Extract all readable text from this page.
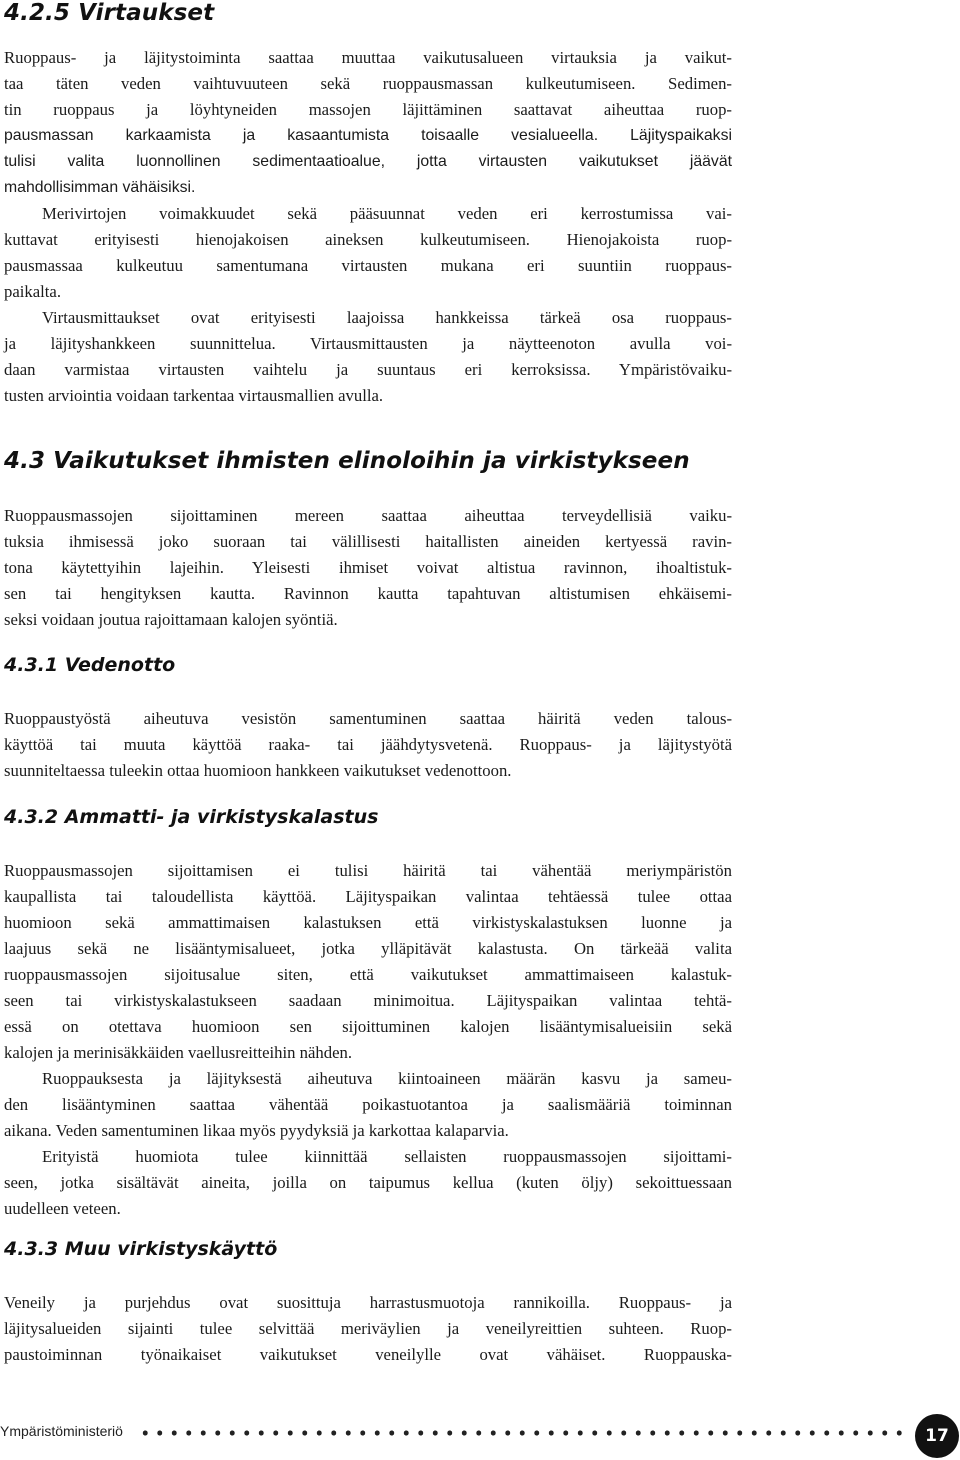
4.2.5 Virtaukset
Ruoppaus- ja läjitystoiminta saattaa muuttaa vaikutusalueen virtauksia ja vaikut-
taa täten veden vaihtuvuuteen sekä ruoppausmassan kulkeutumiseen. Sedimen-
tin ruoppaus ja löyhtyneiden massojen läjittäminen saattavat aiheuttaa ruop-
pausmassan karkaamista ja kasaantumista toisaalle vesialueella. Läjityspaikaksi
tulisi valita luonnollinen sedimentaatioalue, jotta virtausten vaikutukset jäävät
mahdollisimman vähäisiksi.
Merivirtojen voimakkuudet sekä pääsuunnat veden eri kerrostumissa vai-
kuttavat erityisesti hienojakoisen aineksen kulkeutumiseen. Hienojakoista ruop-
pausmassaa kulkeutuu samentumana virtausten mukana eri suuntiin ruoppaus-
paikalta.
Virtausmittaukset ovat erityisesti laajoissa hankkeissa tärkeä osa ruoppaus-
ja läjityshankkeen suunnittelua. Virtausmittausten ja näytteenoton avulla voi-
daan varmistaa virtausten vaihtelu ja suuntaus eri kerroksissa. Ympäristövaiku-
tusten arviointia voidaan tarkentaa virtausmallien avulla.
4.3 Vaikutukset ihmisten elinoloihin ja virkistykseen
Ruoppausmassojen sijoittaminen mereen saattaa aiheuttaa terveydellisiä vaiku-
tuksia ihmisessä joko suoraan tai välillisesti haitallisten aineiden kertyessä ravin-
tona käytettyihin lajeihin. Yleisesti ihmiset voivat altistua ravinnon, ihoaltistuk-
sen tai hengityksen kautta. Ravinnon kautta tapahtuvan altistumisen ehkäisemi-
seksi voidaan joutua rajoittamaan kalojen syöntiä.
4.3.1 Vedenotto
Ruoppaustyöstä aiheutuva vesistön samentuminen saattaa häiritä veden talous-
käyttöä tai muuta käyttöä raaka- tai jäähdytysvetenä. Ruoppaus- ja läjitystyötä
suunniteltaessa tuleekin ottaa huomioon hankkeen vaikutukset vedenottoon.
4.3.2 Ammatti- ja virkistyskalastus
Ruoppausmassojen sijoittamisen ei tulisi häiritä tai vähentää meriympäristön
kaupallista tai taloudellista käyttöä. Läjityspaikan valintaa tehtäessä tulee ottaa
huomioon sekä ammattimaisen kalastuksen että virkistyskalastuksen luonne ja
laajuus sekä ne lisääntymisalueet, jotka ylläpitävät kalastusta. On tärkeää valita
ruoppausmassojen sijoitusalue siten, että vaikutukset ammattimaiseen kalastuk-
seen tai virkistyskalastukseen saadaan minimoitua. Läjityspaikan valintaa tehtä-
essä on otettava huomioon sen sijoittuminen kalojen lisääntymisalueisiin sekä
kalojen ja merinisäkkäiden vaellusreitteihin nähden.
Ruoppauksesta ja läjityksestä aiheutuva kiintoaineen määrän kasvu ja sameu-
den lisääntyminen saattaa vähentää poikastuotantoa ja saalismääriä toiminnan
aikana. Veden samentuminen likaa myös pyydyksiä ja karkottaa kalaparvia.
Erityistä huomiota tulee kiinnittää sellaisten ruoppausmassojen sijoittami-
seen, jotka sisältävät aineita, joilla on taipumus kellua (kuten öljy) sekoittuessaan
uudelleen veteen.
4.3.3 Muu virkistyskäyttö
Veneily ja purjehdus ovat suosittuja harrastusmuotoja rannikoilla. Ruoppaus- ja
läjitysalueiden sijainti tulee selvittää meriväylien ja veneilyreittien suhteen. Ruop-
paustoiminnan työnaikaiset vaikutukset veneilylle ovat vähäiset. Ruoppauska-
Ympäristöministeriö	17
